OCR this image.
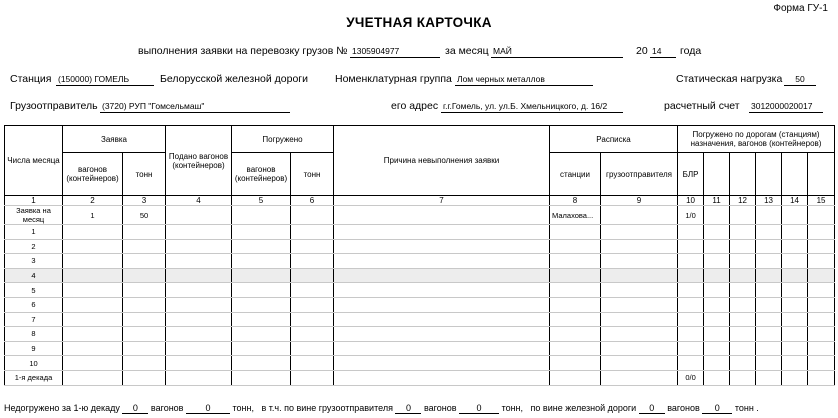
Форма ГУ-1
УЧЕТНАЯ КАРТОЧКА
выполнения заявки на перевозку грузов № 1305904977	за месяц МАЙ	20 14	года
Станция (150000) ГОМЕЛЬ	Белорусской железной дороги	Номенклатурная группа Лом черных металлов	Статическая нагрузка	50
Грузоотправитель (3720) РУП "Гомсельмаш"	его адрес г.г.Гомель, ул. ул.Б. Хмельницкого, д. 16/2	расчетный счет 3012000020017
Числа месяца	Заявка		Подано вагонов (контейнеров)	Погружено		Причина невыполнения заявки	Расписка		Погружено по дорогам (станциям) назначения, вагонов (контейнеров)					
	вагонов (контейнеров)	тонн		вагонов (контейнеров)	тонн		станции	грузоотправителя	БЛР					
1	2	3	4	5	6	7	8	9	10	11	12	13	14	15
Заявка на месяц	1	50					Малахова...		1/0					
1														
2														
3														
4														
5														
6														
7														
8														
9														
10														
1-я декада									0/0					
Недогружено за 1-ю декаду 0 вагонов 0 тонн, в т.ч. по вине грузоотправителя 0 вагонов 0 тонн, по вине железной дороги 0 вагонов 0 тонн .
